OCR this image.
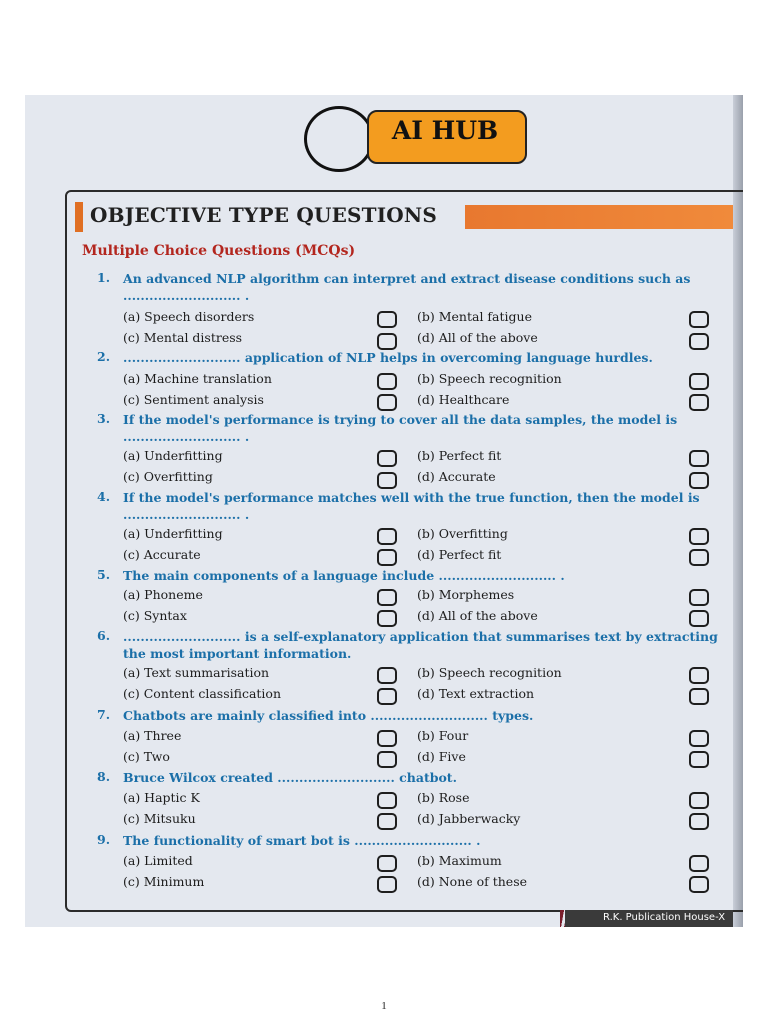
AI HUB
OBJECTIVE TYPE QUESTIONS
Multiple Choice Questions (MCQs)
1. An advanced NLP algorithm can interpret and extract disease conditions such as ........................... .
(a) Speech disorders	(b) Mental fatigue
(c) Mental distress	(d) All of the above
2. ........................... application of NLP helps in overcoming language hurdles.
(a) Machine translation	(b) Speech recognition
(c) Sentiment analysis	(d) Healthcare
3. If the model's performance is trying to cover all the data samples, the model is ........................... .
(a) Underfitting	(b) Perfect fit
(c) Overfitting	(d) Accurate
4. If the model's performance matches well with the true function, then the model is ........................... .
(a) Underfitting	(b) Overfitting
(c) Accurate	(d) Perfect fit
5. The main components of a language include ........................... .
(a) Phoneme	(b) Morphemes
(c) Syntax	(d) All of the above
6. ........................... is a self-explanatory application that summarises text by extracting the most important information.
(a) Text summarisation	(b) Speech recognition
(c) Content classification	(d) Text extraction
7. Chatbots are mainly classified into ........................... types.
(a) Three	(b) Four
(c) Two	(d) Five
8. Bruce Wilcox created ........................... chatbot.
(a) Haptic K	(b) Rose
(c) Mitsuku	(d) Jabberwacky
9. The functionality of smart bot is ........................... .
(a) Limited	(b) Maximum
(c) Minimum	(d) None of these
R.K. Publication House-X
1
